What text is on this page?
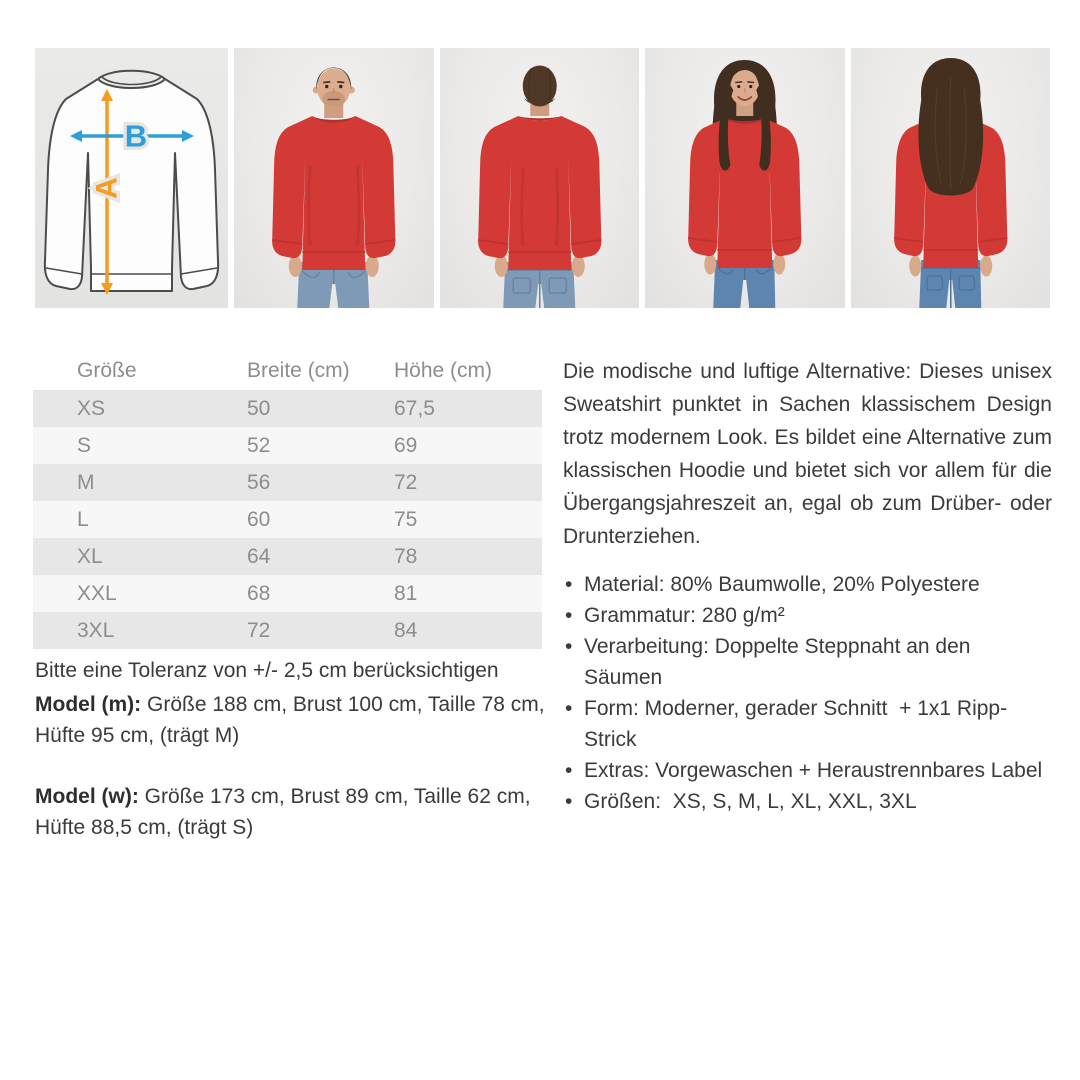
A
B
Größe	Breite (cm)	Höhe (cm)
XS	50	67,5
S	52	69
M	56	72
L	60	75
XL	64	78
XXL	68	81
3XL	72	84

Bitte eine Toleranz von +/- 2,5 cm berücksichtigen

Model (m): Größe 188 cm, Brust 100 cm, Taille 78 cm, Hüfte 95 cm, (trägt M)

Model (w): Größe 173 cm, Brust 89 cm, Taille 62 cm, Hüfte 88,5 cm, (trägt S)

Die modische und luftige Alternative: Dieses unisex Sweatshirt punktet in Sachen klassischem Design trotz modernem Look. Es bildet eine Alternative zum klassischen Hoodie und bietet sich vor allem für die Übergangsjahreszeit an, egal ob zum Drüber- oder Drunterziehen.

• Material: 80% Baumwolle, 20% Polyestere
• Grammatur: 280 g/m²
• Verarbeitung: Doppelte Steppnaht an den Säumen
• Form: Moderner, gerader Schnitt  + 1x1 Ripp-Strick
• Extras: Vorgewaschen + Heraustrennbares Label
• Größen:  XS, S, M, L, XL, XXL, 3XL
